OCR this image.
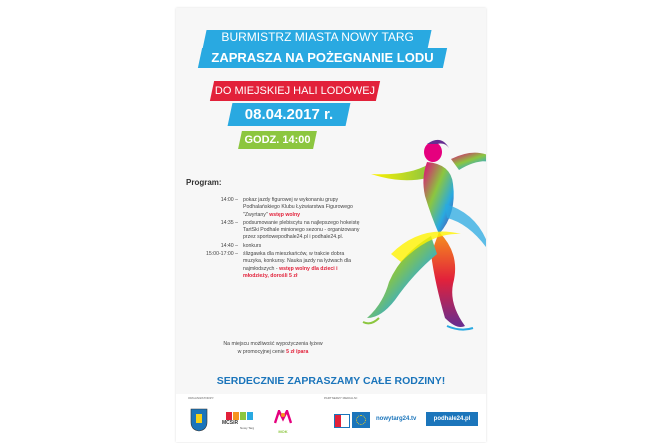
BURMISTRZ MIASTA NOWY TARG
ZAPRASZA NA POŻEGNANIE LODU
DO MIEJSKIEJ HALI LODOWEJ
08.04.2017 r.
GODZ. 14:00
Program:
14:00 – pokaz jazdy figurowej w wykonaniu grupy Podhalańskiego Klubu Łyżwiarstwa Figurowego "Zwyrtany" wstęp wolny
14:35 – podsumowanie plebiscytu na najlepszego hokeistę TartSki Podhale minionego sezonu - organizowany przez sportowepodhale24.pl i podhale24.pl.
14:40 – konkurs
15:00-17:00 – ślizgawka dla mieszkańców, w trakcie dobra muzyka, konkursy. Nauka jazdy na łyżwach dla najmłodszych - wstęp wolny dla dzieci i młodzieży, dorośli 5 zł
Na miejscu możliwość wypożyczenia łyżew
w promocyjnej cenie 5 zł /para
SERDECZNIE ZAPRASZAMY CAŁE RODZINY!
ORGANIZATORZY:	PARTNERZY MEDIALNI:
MCSiR
Nowy Targ
MOK
nowytarg24.tv	podhale24.pl
